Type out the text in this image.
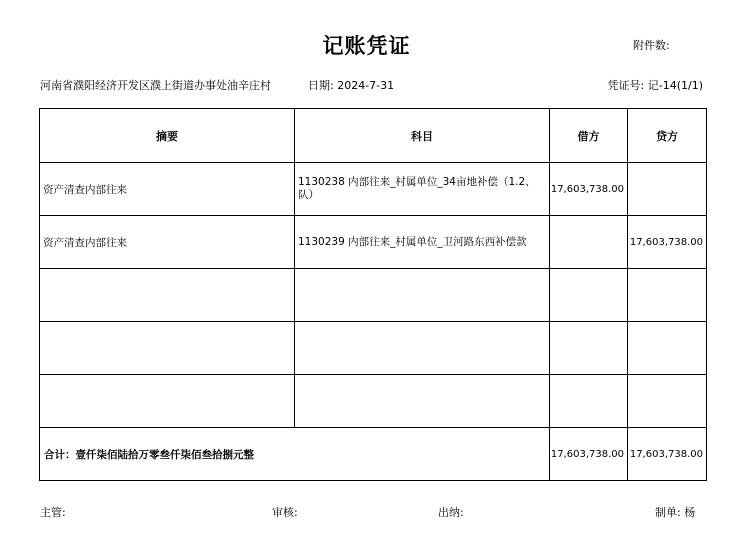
记账凭证	附件数:
河南省濮阳经济开发区濮上街道办事处油辛庄村	日期: 2024-7-31	凭证号: 记-14(1/1)
摘要	科目	借方	贷方
资产清查内部往来	1130238 内部往来_村属单位_34亩地补偿（1.2、队）	17,603,738.00	
资产清查内部往来	1130239 内部往来_村属单位_卫河路东西补偿款		17,603,738.00

合计：壹仟柒佰陆拾万零叁仟柒佰叁拾捌元整		17,603,738.00	17,603,738.00
主管:	审核:	出纳:	制单: 杨
